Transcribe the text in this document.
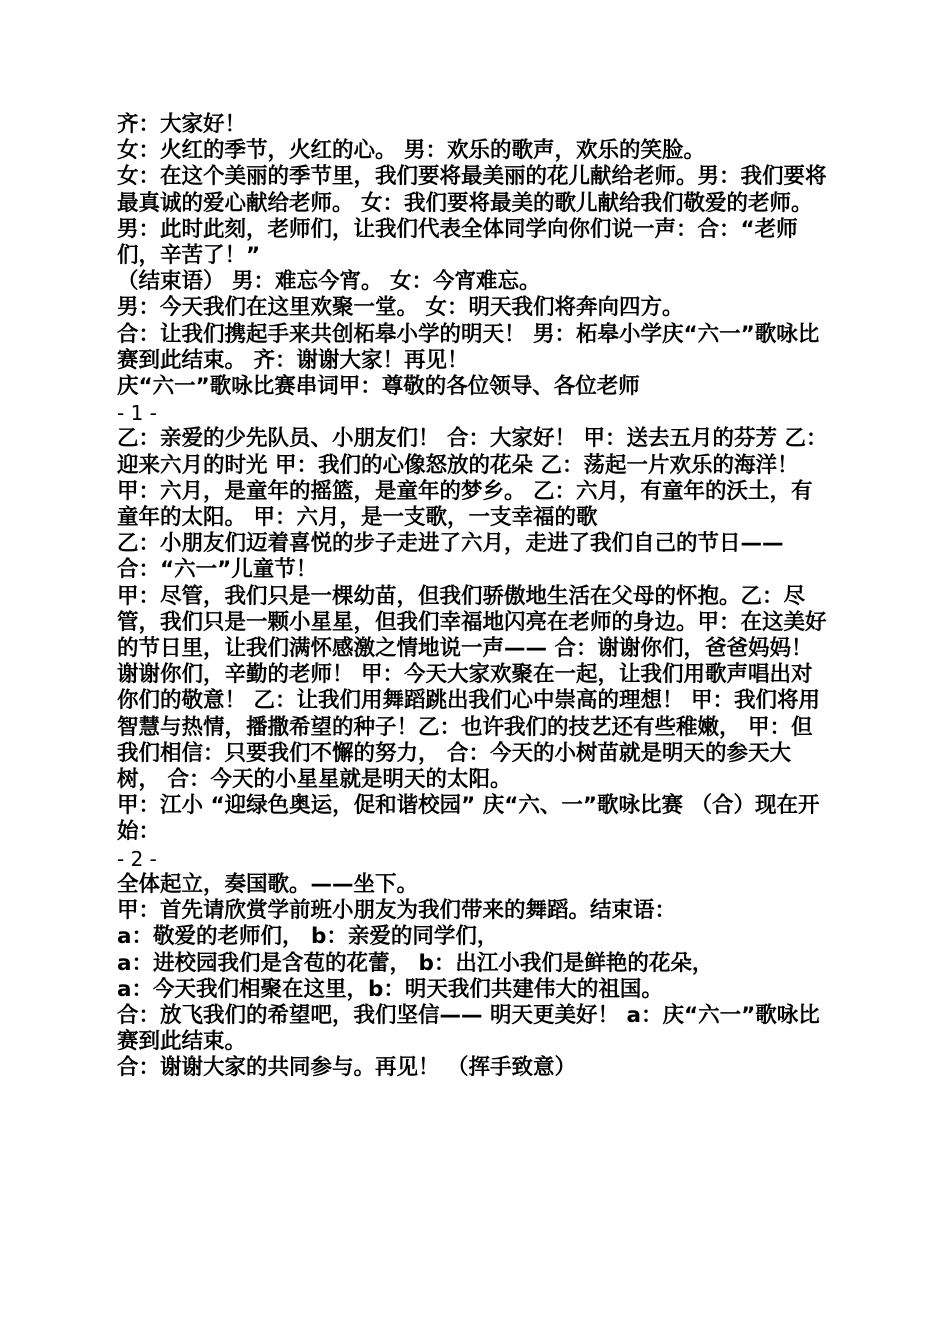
齐：大家好！

女：火红的季节，火红的心。 男：欢乐的歌声，欢乐的笑脸。

女：在这个美丽的季节里，我们要将最美丽的花儿献给老师。男：我们要将最真诚的爱心献给老师。 女：我们要将最美的歌儿献给我们敬爱的老师。

男：此时此刻，老师们，让我们代表全体同学向你们说一声：合：“老师们，辛苦了！”

（结束语） 男：难忘今宵。 女：今宵难忘。

男：今天我们在这里欢聚一堂。 女：明天我们将奔向四方。

合：让我们携起手来共创柘皋小学的明天！ 男：柘皋小学庆“六一”歌咏比赛到此结束。 齐：谢谢大家！再见！

庆“六一”歌咏比赛串词甲：尊敬的各位领导、各位老师

- 1 -

乙：亲爱的少先队员、小朋友们！ 合：大家好！ 甲：送去五月的芬芳 乙：迎来六月的时光 甲：我们的心像怒放的花朵 乙：荡起一片欢乐的海洋！

甲：六月，是童年的摇篮，是童年的梦乡。 乙：六月，有童年的沃土，有童年的太阳。 甲：六月，是一支歌，一支幸福的歌

乙：小朋友们迈着喜悦的步子走进了六月，走进了我们自己的节日—— 合：“六一”儿童节！

甲：尽管，我们只是一棵幼苗，但我们骄傲地生活在父母的怀抱。乙：尽管，我们只是一颗小星星，但我们幸福地闪亮在老师的身边。甲：在这美好的节日里，让我们满怀感激之情地说一声—— 合：谢谢你们，爸爸妈妈！谢谢你们，辛勤的老师！ 甲：今天大家欢聚在一起，让我们用歌声唱出对你们的敬意！ 乙：让我们用舞蹈跳出我们心中崇高的理想！ 甲：我们将用智慧与热情，播撒希望的种子！乙：也许我们的技艺还有些稚嫩， 甲：但我们相信：只要我们不懈的努力， 合：今天的小树苗就是明天的参天大树， 合：今天的小星星就是明天的太阳。

甲：江小 “迎绿色奥运，促和谐校园” 庆“六、一”歌咏比赛 （合）现在开始：

- 2 -

全体起立，奏国歌。——坐下。

甲：首先请欣赏学前班小朋友为我们带来的舞蹈。结束语：

a：敬爱的老师们， b：亲爱的同学们，

a：进校园我们是含苞的花蕾， b：出江小我们是鲜艳的花朵，

a：今天我们相聚在这里，b：明天我们共建伟大的祖国。

合：放飞我们的希望吧，我们坚信—— 明天更美好！ a：庆“六一”歌咏比赛到此结束。

合：谢谢大家的共同参与。再见！ （挥手致意）
